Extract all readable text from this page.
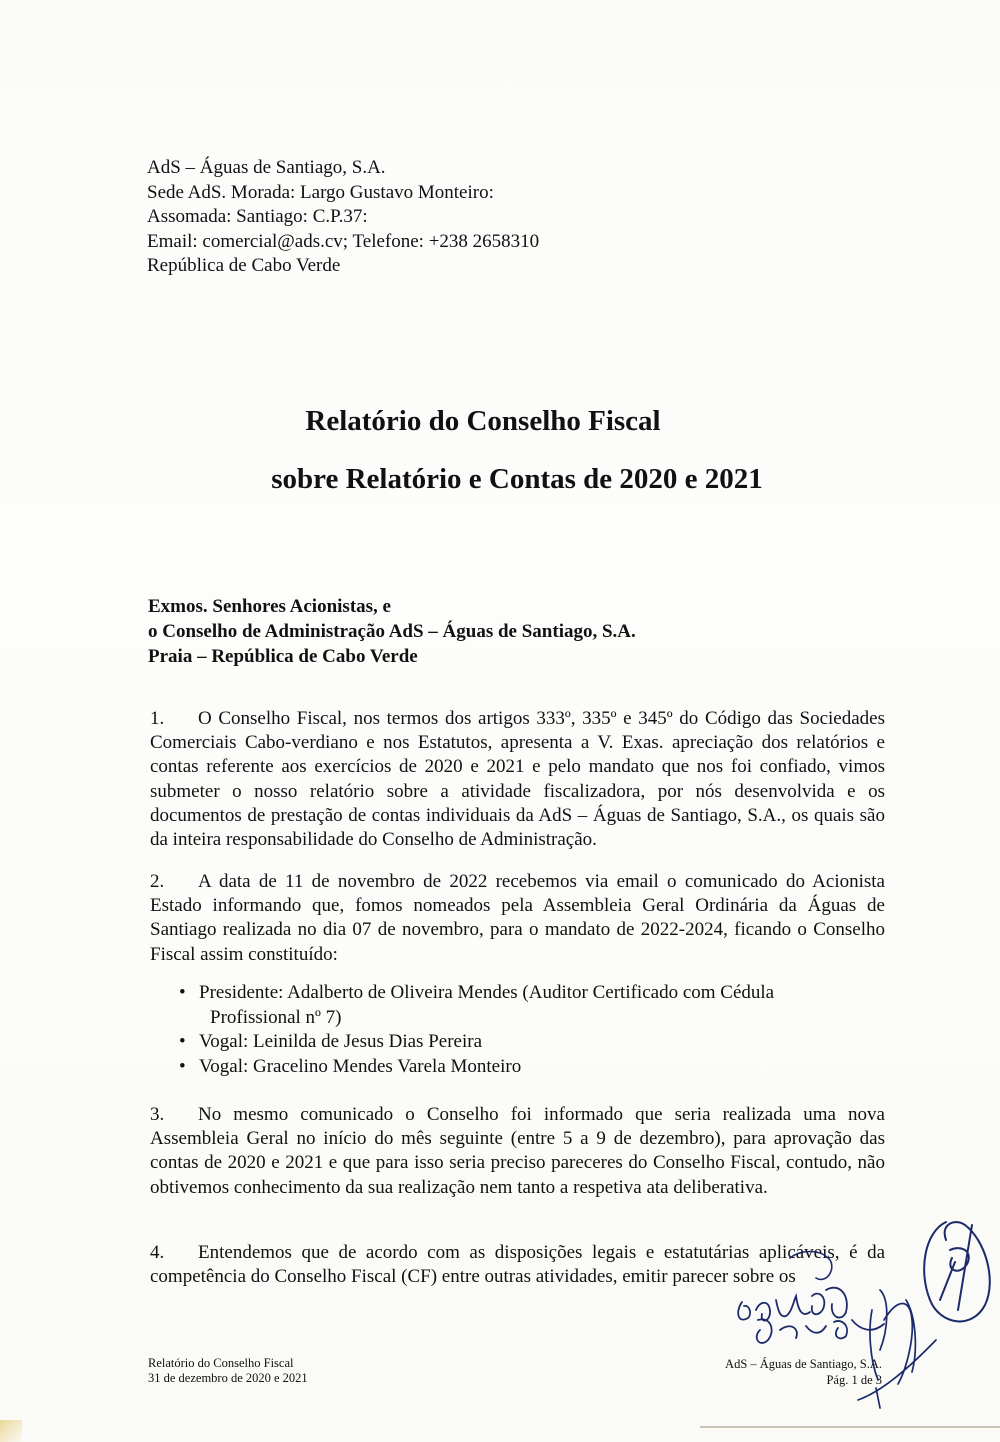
AdS – Águas de Santiago, S.A.
Sede AdS. Morada: Largo Gustavo Monteiro:
Assomada: Santiago: C.P.37:
Email: comercial@ads.cv; Telefone: +238 2658310
República de Cabo Verde
Relatório do Conselho Fiscal
sobre Relatório e Contas de 2020 e 2021
Exmos. Senhores Acionistas, e
o Conselho de Administração AdS – Águas de Santiago, S.A.
Praia – República de Cabo Verde
1. O Conselho Fiscal, nos termos dos artigos 333º, 335º e 345º do Código das Sociedades Comerciais Cabo-verdiano e nos Estatutos, apresenta a V. Exas. apreciação dos relatórios e contas referente aos exercícios de 2020 e 2021 e pelo mandato que nos foi confiado, vimos submeter o nosso relatório sobre a atividade fiscalizadora, por nós desenvolvida e os documentos de prestação de contas individuais da AdS – Águas de Santiago, S.A., os quais são da inteira responsabilidade do Conselho de Administração.
2. A data de 11 de novembro de 2022 recebemos via email o comunicado do Acionista Estado informando que, fomos nomeados pela Assembleia Geral Ordinária da Águas de Santiago realizada no dia 07 de novembro, para o mandato de 2022-2024, ficando o Conselho Fiscal assim constituído:
• Presidente: Adalberto de Oliveira Mendes (Auditor Certificado com Cédula
Profissional nº 7)
• Vogal: Leinilda de Jesus Dias Pereira
• Vogal: Gracelino Mendes Varela Monteiro
3. No mesmo comunicado o Conselho foi informado que seria realizada uma nova Assembleia Geral no início do mês seguinte (entre 5 a 9 de dezembro), para aprovação das contas de 2020 e 2021 e que para isso seria preciso pareceres do Conselho Fiscal, contudo, não obtivemos conhecimento da sua realização nem tanto a respetiva ata deliberativa.
4. Entendemos que de acordo com as disposições legais e estatutárias aplicáveis, é da competência do Conselho Fiscal (CF) entre outras atividades, emitir parecer sobre os
Relatório do Conselho Fiscal
31 de dezembro de 2020 e 2021
AdS – Águas de Santiago, S.A.
Pág. 1 de 3
